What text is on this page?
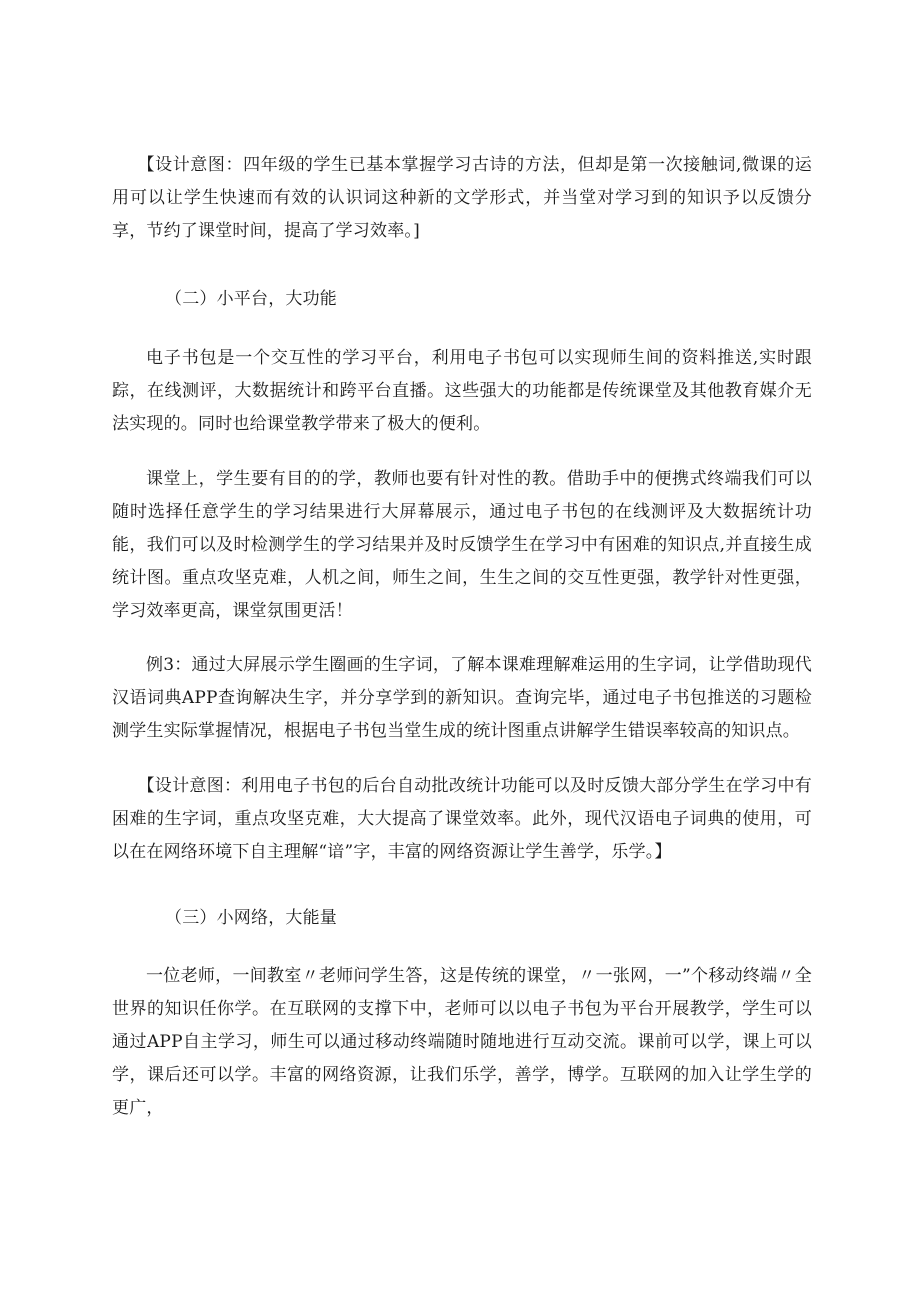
【设计意图：四年级的学生已基本掌握学习古诗的方法，但却是第一次接触词,微课的运用可以让学生快速而有效的认识词这种新的文学形式，并当堂对学习到的知识予以反馈分享，节约了课堂时间，提高了学习效率。]

（二）小平台，大功能

电子书包是一个交互性的学习平台，利用电子书包可以实现师生间的资料推送,实时跟踪，在线测评，大数据统计和跨平台直播。这些强大的功能都是传统课堂及其他教育媒介无法实现的。同时也给课堂教学带来了极大的便利。

课堂上，学生要有目的的学，教师也要有针对性的教。借助手中的便携式终端我们可以随时选择任意学生的学习结果进行大屏幕展示，通过电子书包的在线测评及大数据统计功能，我们可以及时检测学生的学习结果并及时反馈学生在学习中有困难的知识点,并直接生成统计图。重点攻坚克难，人机之间，师生之间，生生之间的交互性更强，教学针对性更强，学习效率更高，课堂氛围更活！

例3：通过大屏展示学生圈画的生字词，了解本课难理解难运用的生字词，让学借助现代汉语词典APP查询解决生字，并分享学到的新知识。查询完毕，通过电子书包推送的习题检测学生实际掌握情况，根据电子书包当堂生成的统计图重点讲解学生错误率较高的知识点。

【设计意图：利用电子书包的后台自动批改统计功能可以及时反馈大部分学生在学习中有困难的生字词，重点攻坚克难，大大提高了课堂效率。此外，现代汉语电子词典的使用，可以在在网络环境下自主理解“谙”字，丰富的网络资源让学生善学，乐学。】

（三）小网络，大能量

一位老师，一间教室〃老师问学生答，这是传统的课堂，〃一张网，一”个移动终端〃全世界的知识任你学。在互联网的支撑下中，老师可以以电子书包为平台开展教学，学生可以通过APP自主学习，师生可以通过移动终端随时随地进行互动交流。课前可以学，课上可以学，课后还可以学。丰富的网络资源，让我们乐学，善学，博学。互联网的加入让学生学的更广，
